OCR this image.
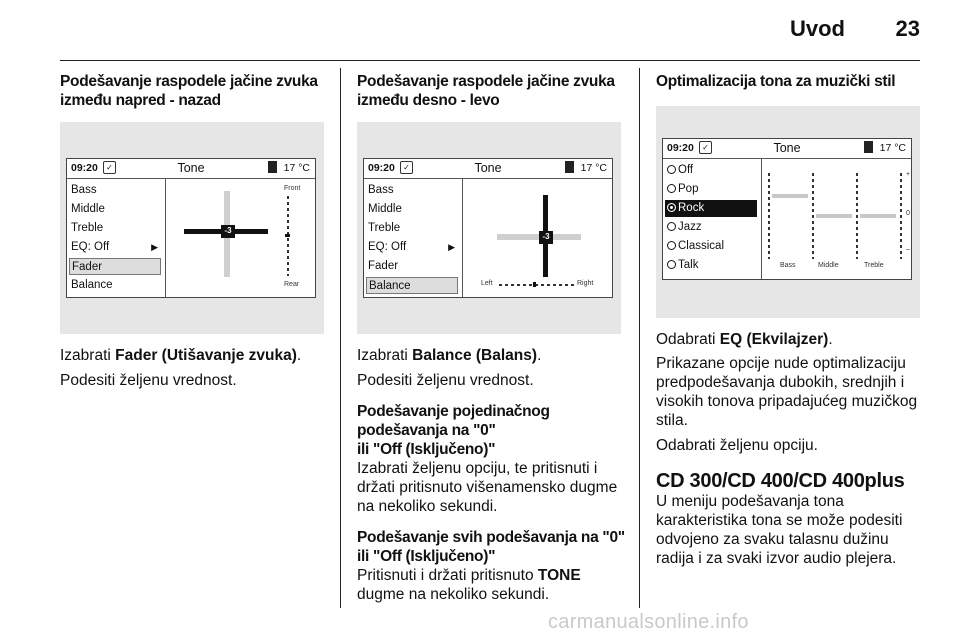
Uvod 23
Podešavanje raspodele jačine zvuka između napred - nazad
09:20	✓	Tone	17 °C
Bass
Middle
Treble
EQ: Off	▶
Fader
Balance
-3
Front
Rear
Izabrati Fader (Utišavanje zvuka).
Podesiti željenu vrednost.
Podešavanje raspodele jačine zvuka između desno - levo
09:20	✓	Tone	17 °C
Bass
Middle
Treble
EQ: Off	▶
Fader
Balance
-3
Left	Right
Izabrati Balance (Balans).
Podesiti željenu vrednost.
Podešavanje pojedinačnog
podešavanja na "0"
ili "Off (Isključeno)"
Izabrati željenu opciju, te pritisnuti i držati pritisnuto višenamensko dugme na nekoliko sekundi.
Podešavanje svih podešavanja na "0"
ili "Off (Isključeno)"
Pritisnuti i držati pritisnuto TONE
dugme na nekoliko sekundi.
Optimalizacija tona za muzički stil
09:20	✓	Tone	17 °C
Off
Pop
Rock
Jazz
Classical
Talk
+
0
–
Bass	Middle	Treble
Odabrati EQ (Ekvilajzer).
Prikazane opcije nude optimalizaciju predpodešavanja dubokih, srednjih i visokih tonova pripadajućeg muzičkog stila.
Odabrati željenu opciju.
CD 300/CD 400/CD 400plus
U meniju podešavanja tona karakteristika tona se može podesiti odvojeno za svaku talasnu dužinu radija i za svaki izvor audio plejera.
carmanualsonline.info
